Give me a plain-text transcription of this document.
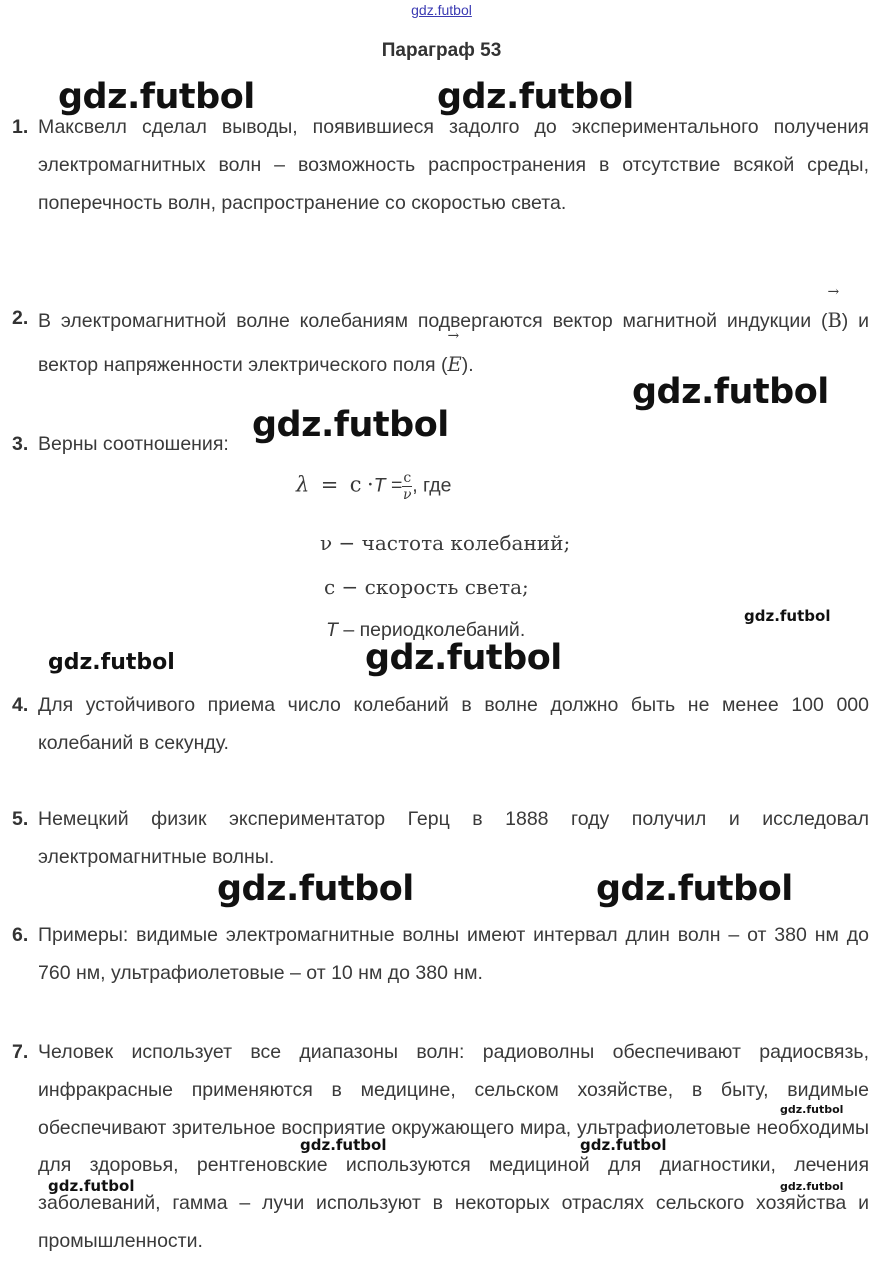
gdz.futbol
Параграф 53
1. Максвелл сделал выводы, появившиеся задолго до экспериментального получения электромагнитных волн – возможность распространения в отсутствие всякой среды, поперечность волн, распространение со скоростью света.
2. В электромагнитной волне колебаниям подвергаются вектор магнитной индукции (→ B) и вектор напряженности электрического поля (→ E).
3. Верны соотношения:
$\lambda = c \cdot T = \frac{c}{\nu}$ , где
ν − частота колебаний;
c − скорость света;
T – периодколебаний.
4. Для устойчивого приема число колебаний в волне должно быть не менее 100 000 колебаний в секунду.
5. Немецкий физик экспериментатор Герц в 1888 году получил и исследовал электромагнитные волны.
6. Примеры: видимые электромагнитные волны имеют интервал длин волн – от 380 нм до 760 нм, ультрафиолетовые – от 10 нм до 380 нм.
7. Человек использует все диапазоны волн: радиоволны обеспечивают радиосвязь, инфракрасные применяются в медицине, сельском хозяйстве, в быту, видимые обеспечивают зрительное восприятие окружающего мира, ультрафиолетовые необходимы для здоровья, рентгеновские используются медициной для диагностики, лечения заболеваний, гамма – лучи используют в некоторых отраслях сельского хозяйства и промышленности.
gdz.futbol	gdz.futbol
gdz.futbol
gdz.futbol
gdz.futbol
gdz.futbol	gdz.futbol
gdz.futbol	gdz.futbol
gdz.futbol
gdz.futbol	gdz.futbol
gdz.futbol
gdz.futbol
